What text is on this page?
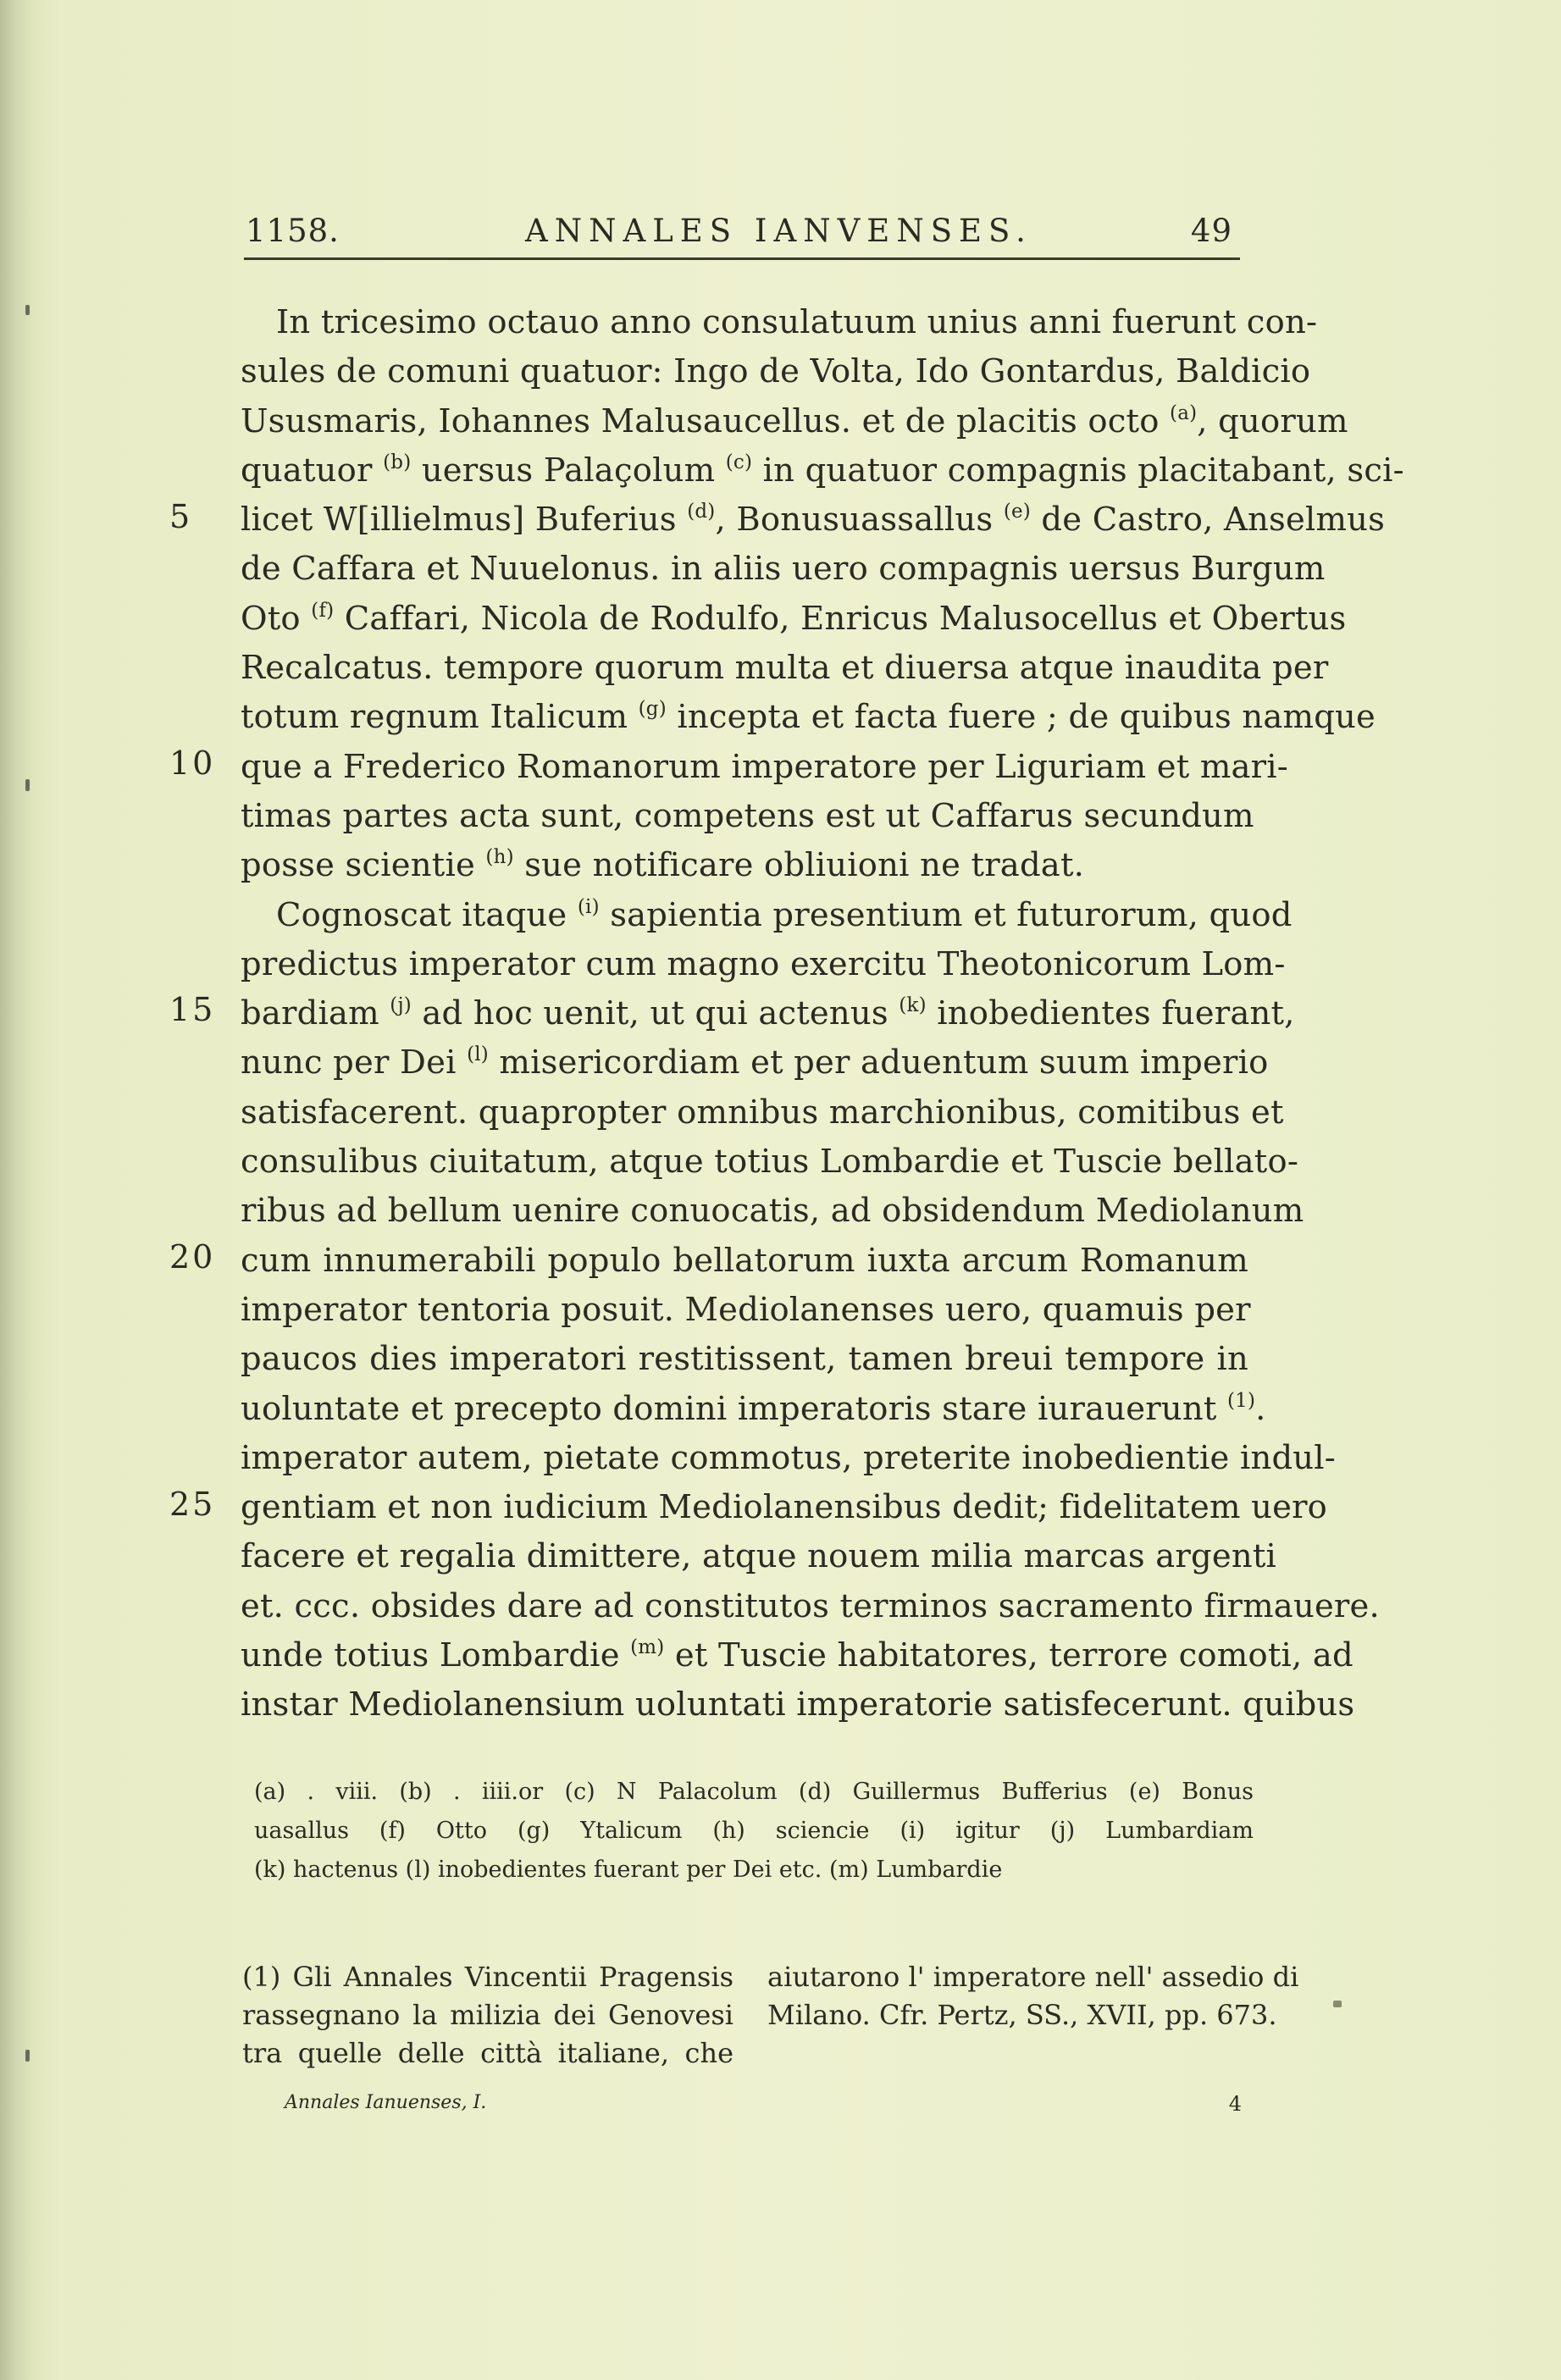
1158.	ANNALES IANVENSES.	49
In tricesimo octauo anno consulatuum unius anni fuerunt con-
sules de comuni quatuor: Ingo de Volta, Ido Gontardus, Baldicio
Ususmaris, Iohannes Malusaucellus. et de placitis octo $^{(a)}$, quorum
quatuor $^{(b)}$ uersus Palaçolum $^{(c)}$ in quatuor compagnis placitabant, sci-
licet W[illielmus] Buferius $^{(d)}$, Bonusuassallus $^{(e)}$ de Castro, Anselmus
de Caffara et Nuuelonus. in aliis uero compagnis uersus Burgum
Oto $^{(f)}$ Caffari, Nicola de Rodulfo, Enricus Malusocellus et Obertus
Recalcatus. tempore quorum multa et diuersa atque inaudita per
totum regnum Italicum $^{(g)}$ incepta et facta fuere ; de quibus namque
que a Frederico Romanorum imperatore per Liguriam et mari-
timas partes acta sunt, competens est ut Caffarus secundum
posse scientie $^{(h)}$ sue notificare obliuioni ne tradat.
Cognoscat itaque $^{(i)}$ sapientia presentium et futurorum, quod
predictus imperator cum magno exercitu Theotonicorum Lom-
bardiam $^{(j)}$ ad hoc uenit, ut qui actenus $^{(k)}$ inobedientes fuerant,
nunc per Dei $^{(l)}$ misericordiam et per aduentum suum imperio
satisfacerent. quapropter omnibus marchionibus, comitibus et
consulibus ciuitatum, atque totius Lombardie et Tuscie bellato-
ribus ad bellum uenire conuocatis, ad obsidendum Mediolanum
cum innumerabili populo bellatorum iuxta arcum Romanum
imperator tentoria posuit. Mediolanenses uero, quamuis per
paucos dies imperatori restitissent, tamen breui tempore in
uoluntate et precepto domini imperatoris stare iurauerunt $^{(1)}$.
imperator autem, pietate commotus, preterite inobedientie indul-
gentiam et non iudicium Mediolanensibus dedit; fidelitatem uero
facere et regalia dimittere, atque nouem milia marcas argenti
et. ccc. obsides dare ad constitutos terminos sacramento firmauere.
unde totius Lombardie $^{(m)}$ et Tuscie habitatores, terrore comoti, ad
instar Mediolanensium uoluntati imperatorie satisfecerunt. quibus
5
10
15
20
25
(a) . viii. (b) . iiii.or (c) N Palacolum (d) Guillermus Bufferius (e) Bonus
uasallus (f) Otto (g) Ytalicum (h) sciencie (i) igitur (j) Lumbardiam
(k) hactenus (l) inobedientes fuerant per Dei etc. (m) Lumbardie
(1) Gli Annales Vincentii Pragensis
rassegnano la milizia dei Genovesi
tra quelle delle città italiane, che
aiutarono l' imperatore nell' assedio di
Milano. Cfr. Pertz, SS., XVII, pp. 673.
Annales Ianuenses, I.	4
